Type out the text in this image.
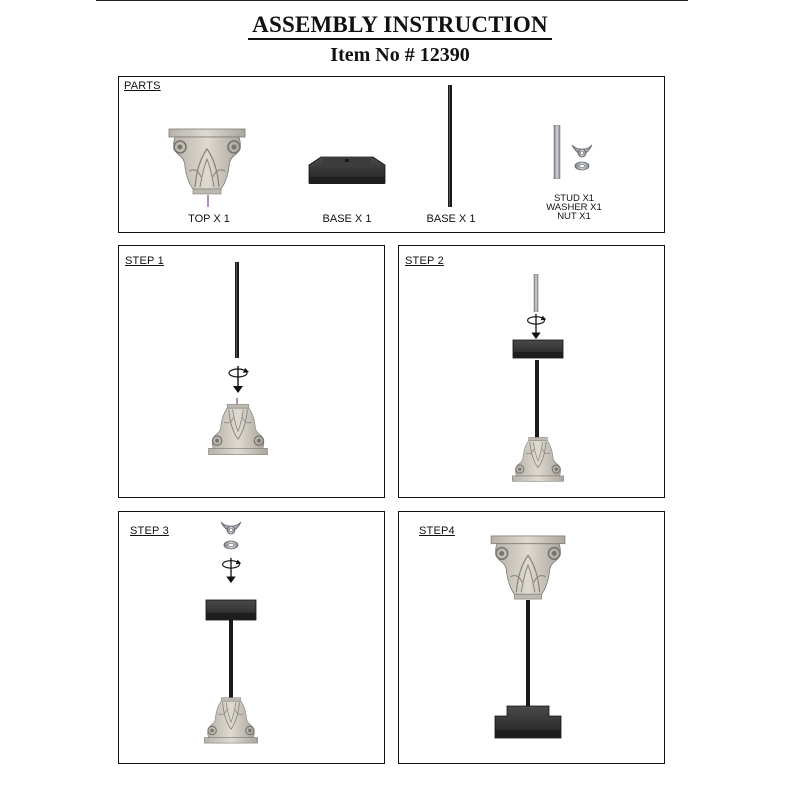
ASSEMBLY INSTRUCTION
Item No # 12390
PARTS
TOP X 1	BASE X 1	BASE X 1
STUD X1
WASHER X1
NUT X1
STEP 1	STEP 2
STEP 3	STEP4
